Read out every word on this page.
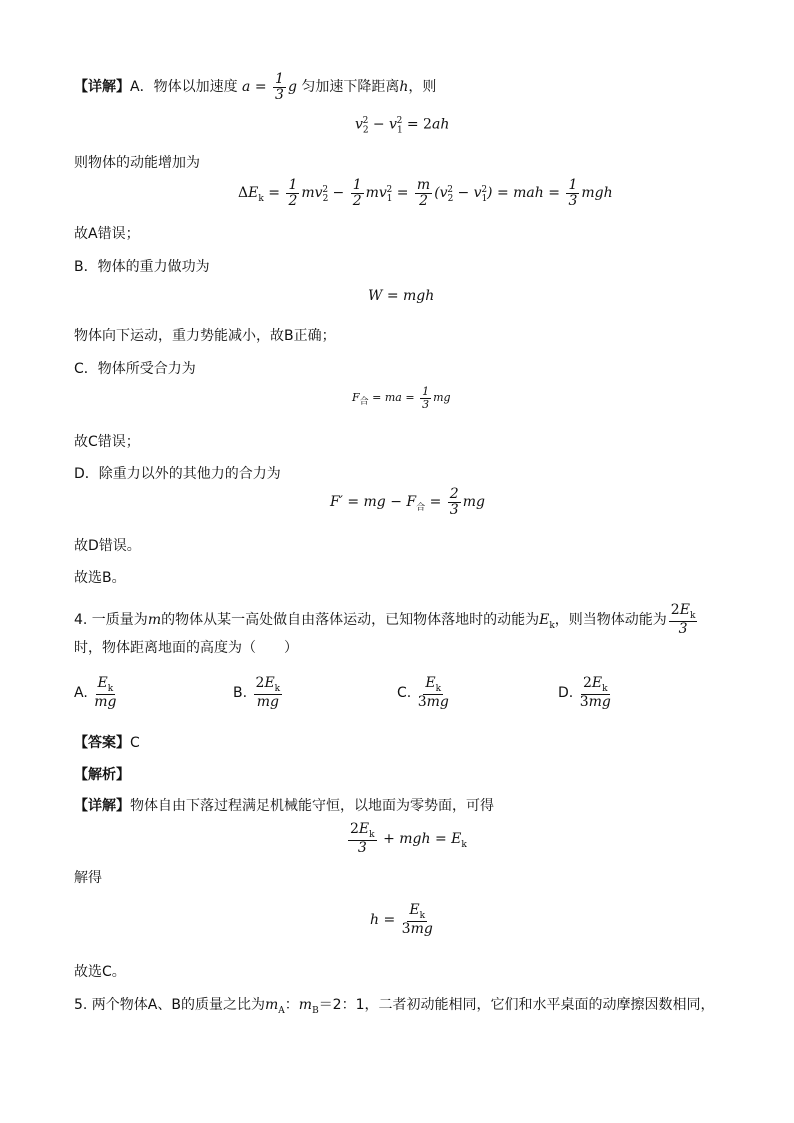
【详解】A．物体以加速度 $a = \frac{1}{3}$ g 匀加速下降距离h，则
$v_2^2 - v_1^2 = 2ah$
则物体的动能增加为
$\Delta E_k = \frac{1}{2} mv_2^2 - \frac{1}{2} mv_1^2 = \frac{m}{2} (v_2^2 - v_1^2)$ = mah = $\frac{1}{3}$ mgh
故A错误；
B．物体的重力做功为
W = mgh
物体向下运动，重力势能减小，故B正确；
C．物体所受合力为
$F_合$ = ma = $\frac{1}{3}$ mg
故C错误；
D．除重力以外的其他力的合力为
F′ = mg − $F_合 = \frac{2}{3}$ mg
故D错误。
故选B。
4. 一质量为m的物体从某一高处做自由落体运动，已知物体落地时的动能为$E_k$，则当物体动能为 $\frac{2E_k}{3}$
时，物体距离地面的高度为（　　）
A. $\frac{E_k}{mg}$	B. $\frac{2E_k}{mg}$	C. $\frac{E_k}{3mg}$	D. $\frac{2E_k}{3mg}$
【答案】C
【解析】
【详解】物体自由下落过程满足机械能守恒，以地面为零势面，可得
$\frac{2E_k}{3}$ + mgh = $E_k$
解得
$h = \frac{E_k}{3mg}$
故选C。
5. 两个物体A、B的质量之比为$m_A$：$m_B=2$：1，二者初动能相同，它们和水平桌面的动摩擦因数相同，
